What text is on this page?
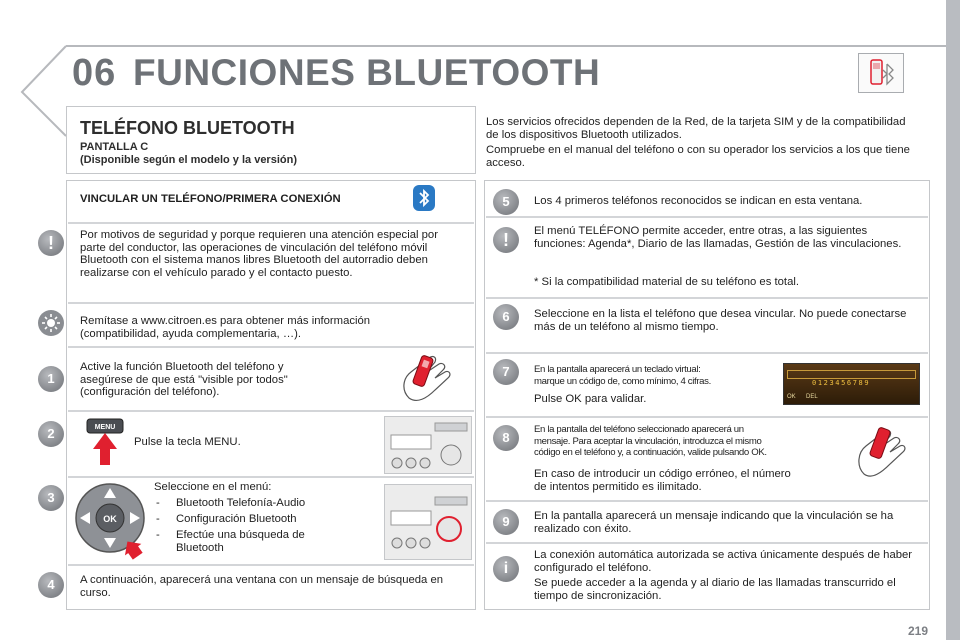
06 FUNCIONES BLUETOOTH
TELÉFONO BLUETOOTH
PANTALLA C
(Disponible según el modelo y la versión)
VINCULAR UN TELÉFONO/PRIMERA CONEXIÓN
!	Por motivos de seguridad y porque requieren una atención especial por parte del conductor, las operaciones de vinculación del teléfono móvil Bluetooth con el sistema manos libres Bluetooth del autorradio deben realizarse con el vehículo parado y el contacto puesto.
Remítase a www.citroen.es para obtener más información (compatibilidad, ayuda complementaria, …).
1
Active la función Bluetooth del teléfono y asegúrese de que está "visible por todos" (configuración del teléfono).
2	MENU
Pulse la tecla MENU.
3
OK
Seleccione en el menú:
- Bluetooth Telefonía-Audio
- Configuración Bluetooth
- Efectúe una búsqueda de Bluetooth
4	A continuación, aparecerá una ventana con un mensaje de búsqueda en curso.
Los servicios ofrecidos dependen de la Red, de la tarjeta SIM y de la compatibilidad de los dispositivos Bluetooth utilizados.
Compruebe en el manual del teléfono o con su operador los servicios a los que tiene acceso.
5	Los 4 primeros teléfonos reconocidos se indican en esta ventana.
!	El menú TELÉFONO permite acceder, entre otras, a las siguientes funciones: Agenda*, Diario de las llamadas, Gestión de las vinculaciones.
* Si la compatibilidad material de su teléfono es total.
6	Seleccione en la lista el teléfono que desea vincular. No puede conectarse más de un teléfono al mismo tiempo.
7	En la pantalla aparecerá un teclado virtual:
marque un código de, como mínimo, 4 cifras.
Pulse OK para validar.
0123456789
OK DEL
8
En la pantalla del teléfono seleccionado aparecerá un
mensaje. Para aceptar la vinculación, introduzca el mismo
código en el teléfono y, a continuación, valide pulsando OK.
En caso de introducir un código erróneo, el número de intentos permitido es ilimitado.
9	En la pantalla aparecerá un mensaje indicando que la vinculación se ha realizado con éxito.
i
La conexión automática autorizada se activa únicamente después de haber configurado el teléfono.
Se puede acceder a la agenda y al diario de las llamadas transcurrido el tiempo de sincronización.
219
